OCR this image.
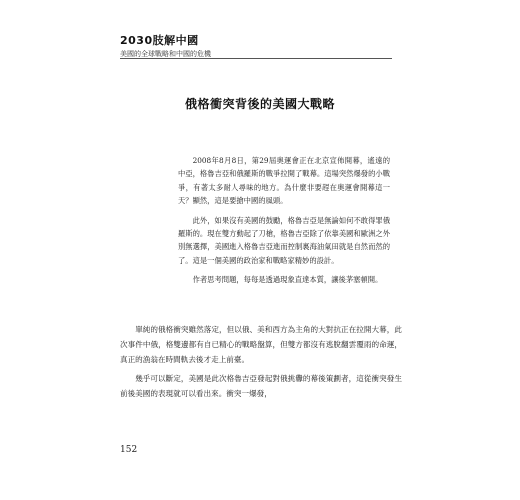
2030肢解中國
美國的全球戰略和中國的危機
俄格衝突背後的美國大戰略

2008年8月8日，第29屆奧運會正在北京宣佈開幕，遙遠的中亞，格魯吉亞和俄羅斯的戰爭拉開了戰幕。這場突然爆發的小戰爭，有著太多耐人尋味的地方。為什麼非要趕在奧運會開幕這一天？顯然，這是要搶中國的風頭。

此外，如果沒有美國的鼓勵，格魯吉亞是無論如何不敢得罪俄羅斯的。現在雙方動起了刀槍，格魯吉亞除了依靠美國和歐洲之外別無選擇，美國進入格魯吉亞進而控制裏海油氣田就是自然而然的了。這是一個美國的政治家和戰略家精妙的設計。

作者思考問題，每每是透過現象直達本質，讓後茅塞頓開。

單純的俄格衝突雖然落定，但以俄、美和西方為主角的大對抗正在拉開大幕，此次事件中俄，格雙邊都有自已精心的戰略盤算，但雙方都沒有逃脫翻雲覆雨的命運，真正的漁翁在時間軌去後才走上前臺。

幾乎可以斷定，美國是此次格魯吉亞發起對俄挑釁的幕後策劃者，這從衝突發生前後美國的表現就可以看出來。衝突一爆發，

152
